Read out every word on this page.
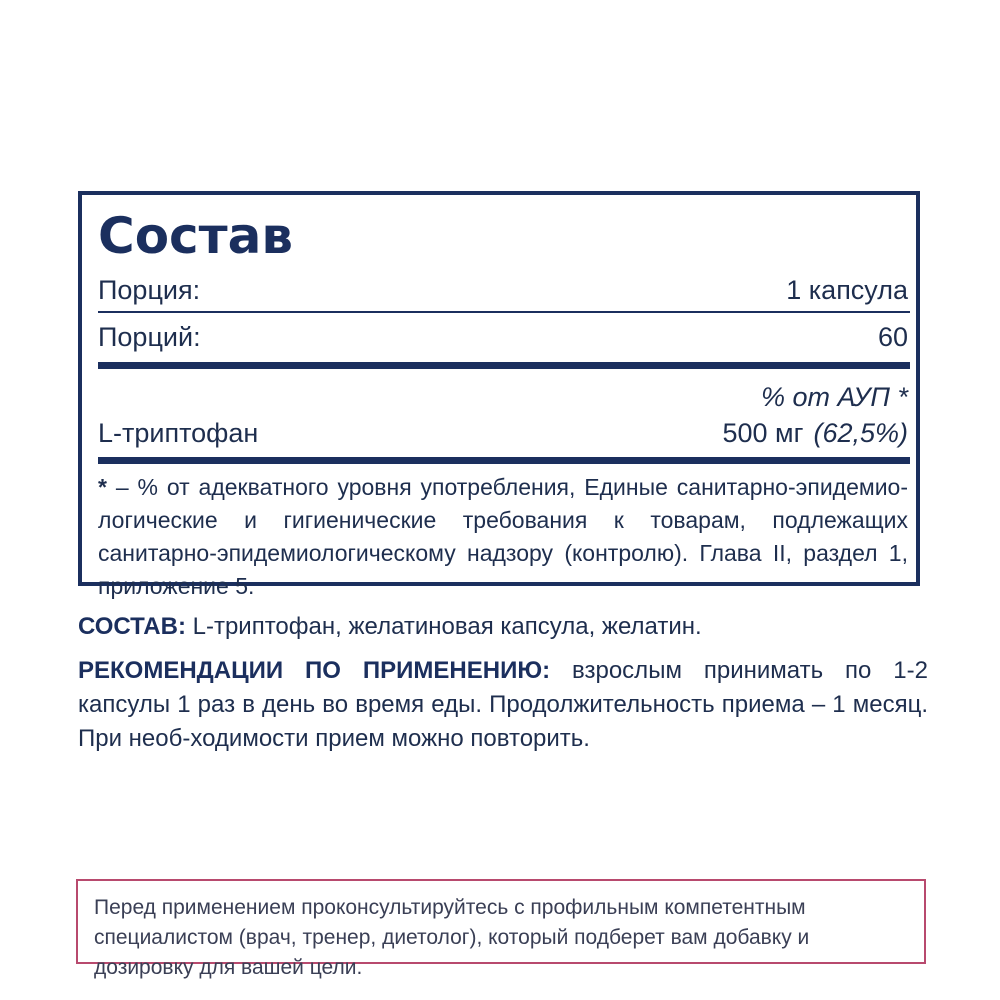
Состав
Порция:	1 капсула
Порций:	60
% от АУП *
L-триптофан	500 мг (62,5%)
* – % от адекватного уровня употребления, Единые санитарно-эпидемио-логические и гигиенические требования к товарам, подлежащих санитарно-эпидемиологическому надзору (контролю). Глава II, раздел 1, приложение 5.
СОСТАВ: L-триптофан, желатиновая капсула, желатин.
РЕКОМЕНДАЦИИ ПО ПРИМЕНЕНИЮ: взрослым принимать по 1-2 капсулы 1 раз в день во время еды. Продолжительность приема – 1 месяц. При необ-ходимости прием можно повторить.
Перед применением проконсультируйтесь с профильным компетентным специалистом (врач, тренер, диетолог), который подберет вам добавку и дозировку для вашей цели.
